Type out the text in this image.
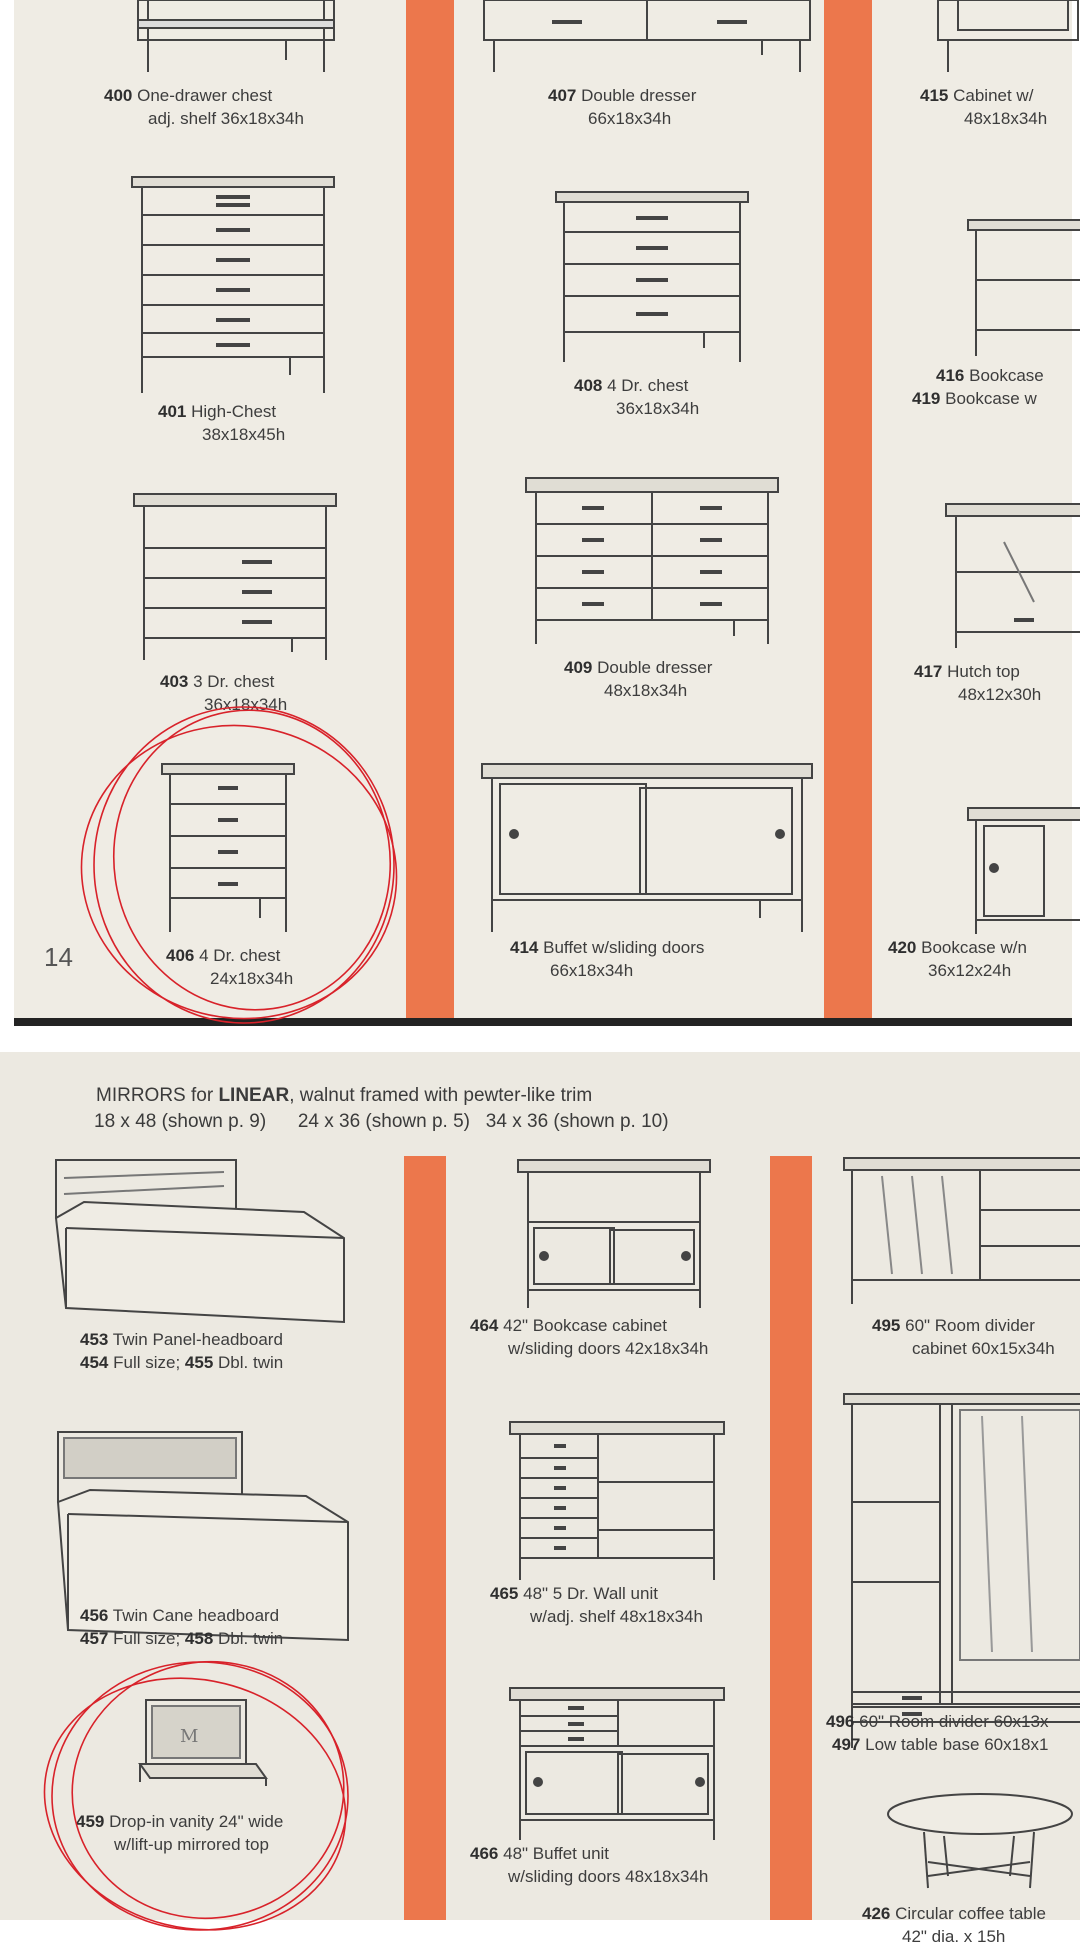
400 One-drawer chest
adj. shelf 36x18x34h
407 Double dresser
66x18x34h
415 Cabinet w/
48x18x34h
401 High-Chest
38x18x45h
408 4 Dr. chest
36x18x34h
416 Bookcase
419 Bookcase w
403 3 Dr. chest
36x18x34h
409 Double dresser
48x18x34h
417 Hutch top
48x12x30h
406 4 Dr. chest
24x18x34h
414 Buffet w/sliding doors
66x18x34h
420 Bookcase w/n
36x12x24h
14
MIRRORS for LINEAR, walnut framed with pewter-like trim
18 x 48 (shown p. 9)      24 x 36 (shown p. 5)   34 x 36 (shown p. 10)
453 Twin Panel-headboard
454 Full size; 455 Dbl. twin
464 42" Bookcase cabinet
w/sliding doors 42x18x34h
495 60" Room divider
cabinet 60x15x34h
456 Twin Cane headboard
457 Full size; 458 Dbl. twin
465 48" 5 Dr. Wall unit
w/adj. shelf 48x18x34h
496 60" Room divider 60x13x
497 Low table base 60x18x1
M
459 Drop-in vanity 24" wide
w/lift-up mirrored top	466 48" Buffet unit
w/sliding doors 48x18x34h
426 Circular coffee table
42" dia. x 15h
